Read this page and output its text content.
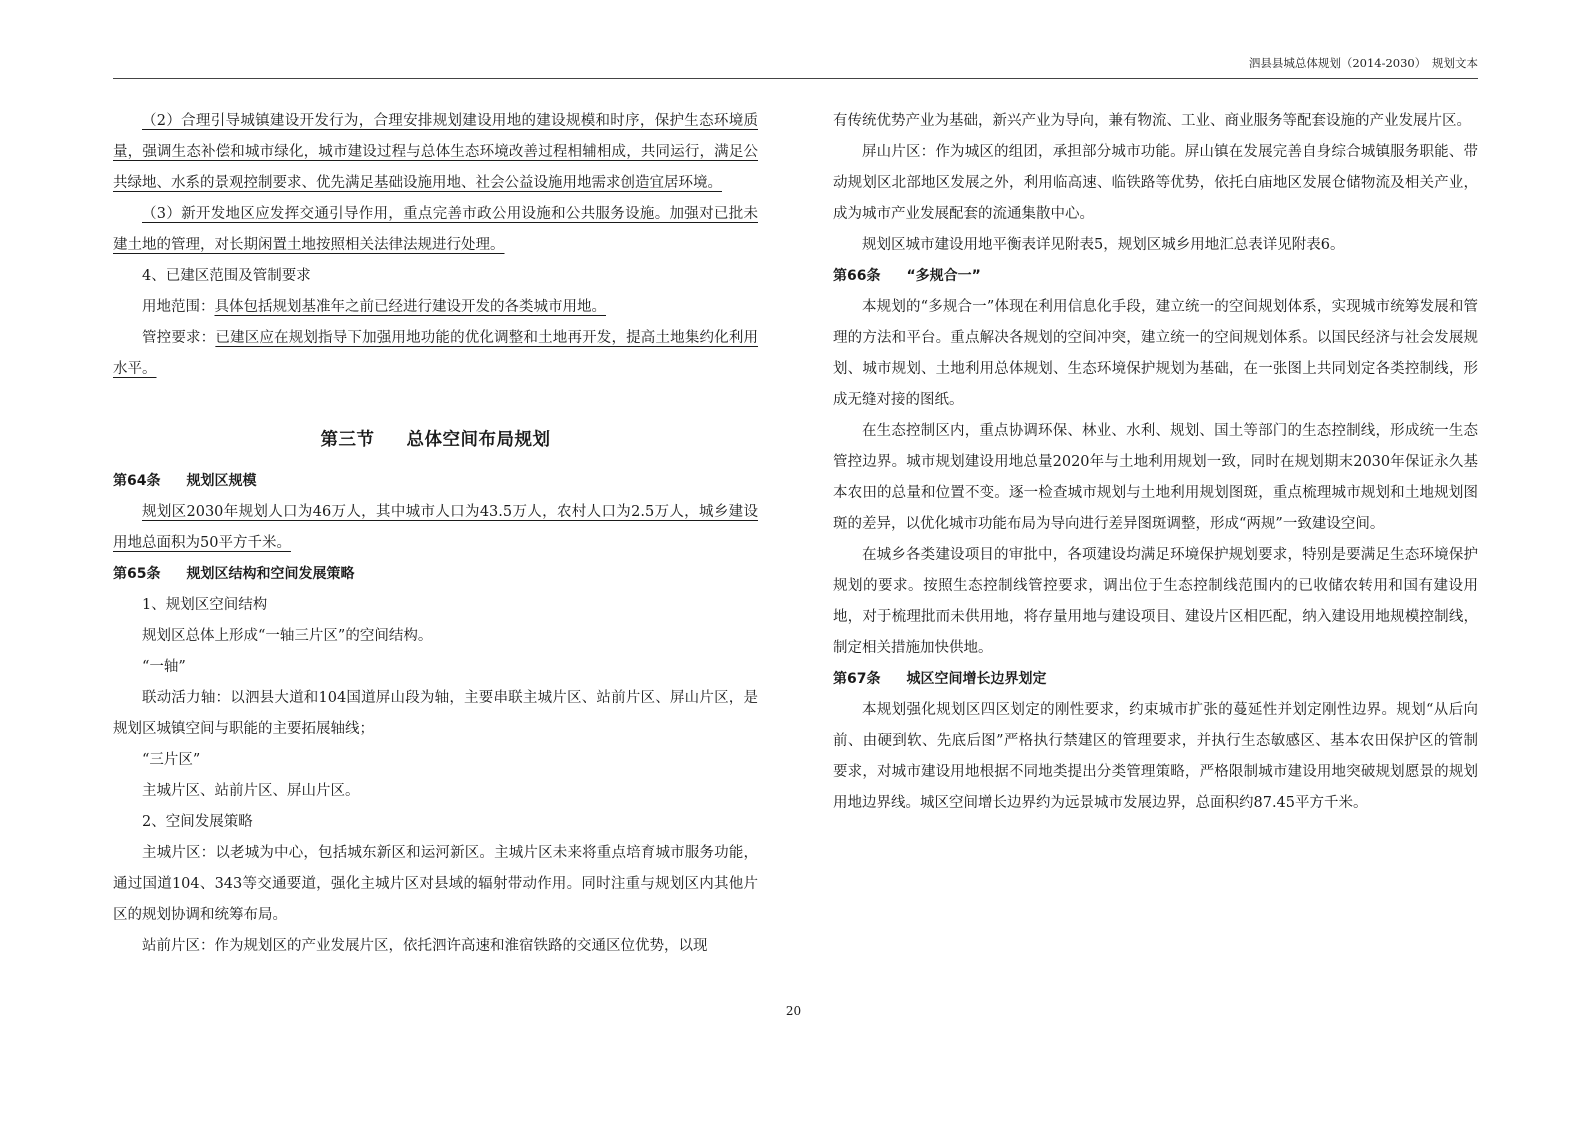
泗县县城总体规划（2014-2030）　规划文本

（2）合理引导城镇建设开发行为，合理安排规划建设用地的建设规模和时序，保护生态环境质量，强调生态补偿和城市绿化，城市建设过程与总体生态环境改善过程相辅相成，共同运行，满足公共绿地、水系的景观控制要求、优先满足基础设施用地、社会公益设施用地需求创造宜居环境。

（3）新开发地区应发挥交通引导作用，重点完善市政公用设施和公共服务设施。加强对已批未建土地的管理，对长期闲置土地按照相关法律法规进行处理。

4、已建区范围及管制要求

用地范围：具体包括规划基准年之前已经进行建设开发的各类城市用地。

管控要求：已建区应在规划指导下加强用地功能的优化调整和土地再开发，提高土地集约化利用水平。

第三节 总体空间布局规划

第64条 规划区规模

规划区2030年规划人口为46万人，其中城市人口为43.5万人，农村人口为2.5万人，城乡建设用地总面积为50平方千米。

第65条 规划区结构和空间发展策略

1、规划区空间结构

规划区总体上形成“一轴三片区”的空间结构。

“一轴”

联动活力轴：以泗县大道和104国道屏山段为轴，主要串联主城片区、站前片区、屏山片区，是规划区城镇空间与职能的主要拓展轴线；

“三片区”

主城片区、站前片区、屏山片区。

2、空间发展策略

主城片区：以老城为中心，包括城东新区和运河新区。主城片区未来将重点培育城市服务功能，通过国道104、343等交通要道，强化主城片区对县域的辐射带动作用。同时注重与规划区内其他片区的规划协调和统筹布局。

站前片区：作为规划区的产业发展片区，依托泗许高速和淮宿铁路的交通区位优势，以现

有传统优势产业为基础，新兴产业为导向，兼有物流、工业、商业服务等配套设施的产业发展片区。

屏山片区：作为城区的组团，承担部分城市功能。屏山镇在发展完善自身综合城镇服务职能、带动规划区北部地区发展之外，利用临高速、临铁路等优势，依托白庙地区发展仓储物流及相关产业，成为城市产业发展配套的流通集散中心。

规划区城市建设用地平衡表详见附表5，规划区城乡用地汇总表详见附表6。

第66条 “多规合一”

本规划的“多规合一”体现在利用信息化手段，建立统一的空间规划体系，实现城市统筹发展和管理的方法和平台。重点解决各规划的空间冲突，建立统一的空间规划体系。以国民经济与社会发展规划、城市规划、土地利用总体规划、生态环境保护规划为基础，在一张图上共同划定各类控制线，形成无缝对接的图纸。

在生态控制区内，重点协调环保、林业、水利、规划、国土等部门的生态控制线，形成统一生态管控边界。城市规划建设用地总量2020年与土地利用规划一致，同时在规划期末2030年保证永久基本农田的总量和位置不变。逐一检查城市规划与土地利用规划图斑，重点梳理城市规划和土地规划图斑的差异，以优化城市功能布局为导向进行差异图斑调整，形成“两规”一致建设空间。

在城乡各类建设项目的审批中，各项建设均满足环境保护规划要求，特别是要满足生态环境保护规划的要求。按照生态控制线管控要求，调出位于生态控制线范围内的已收储农转用和国有建设用地，对于梳理批而未供用地，将存量用地与建设项目、建设片区相匹配，纳入建设用地规模控制线，制定相关措施加快供地。

第67条 城区空间增长边界划定

本规划强化规划区四区划定的刚性要求，约束城市扩张的蔓延性并划定刚性边界。规划“从后向前、由硬到软、先底后图”严格执行禁建区的管理要求，并执行生态敏感区、基本农田保护区的管制要求，对城市建设用地根据不同地类提出分类管理策略，严格限制城市建设用地突破规划愿景的规划用地边界线。城区空间增长边界约为远景城市发展边界，总面积约87.45平方千米。

20
